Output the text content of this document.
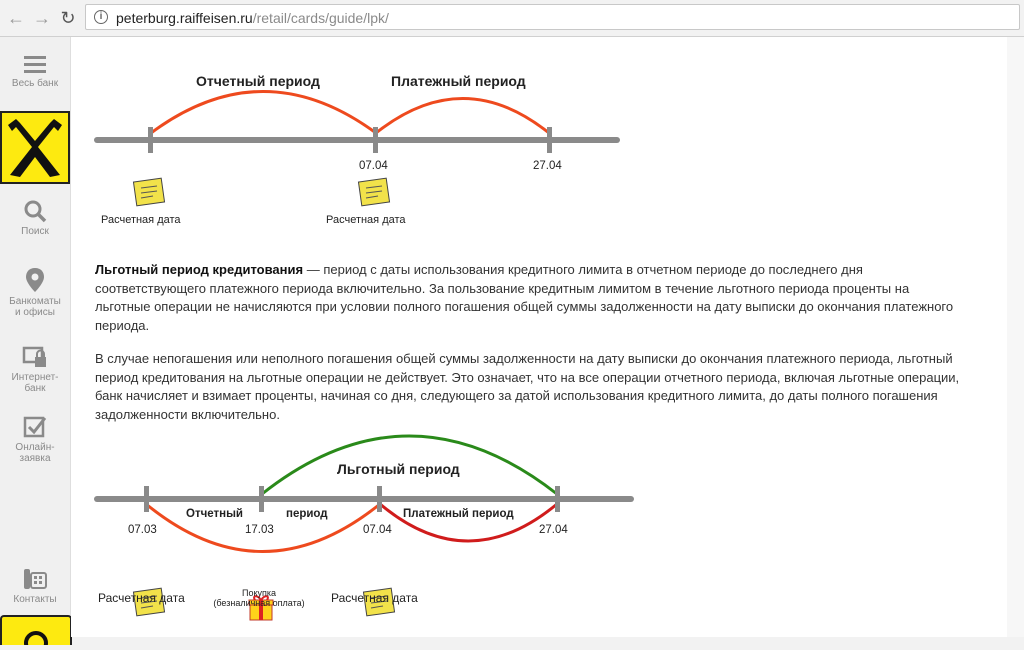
← → ↻	i peterburg.raiffeisen.ru/retail/cards/guide/lpk/
Весь банк
Поиск
Банкоматы и офисы
Интернет-банк
Онлайн-заявка
Контакты
Отчетный период	Платежный период
07.04	27.04
Расчетная дата	Расчетная дата

Льготный период кредитования — период с даты использования кредитного лимита в отчетном периоде до последнего дня соответствующего платежного периода включительно. За пользование кредитным лимитом в течение льготного периода проценты на льготные операции не начисляются при условии полного погашения общей суммы задолженности на дату выписки до окончания платежного периода.

В случае непогашения или неполного погашения общей суммы задолженности на дату выписки до окончания платежного периода, льготный период кредитования на льготные операции не действует. Это означает, что на все операции отчетного периода, включая льготные операции, банк начисляет и взимает проценты, начиная со дня, следующего за датой использования кредитного лимита, до даты полного погашения задолженности включительно.

Льготный период
Отчетный	период	Платежный период
07.03	17.03	07.04	27.04
Расчетная дата	Расчетная дата
Покупка
(безналичная оплата)
